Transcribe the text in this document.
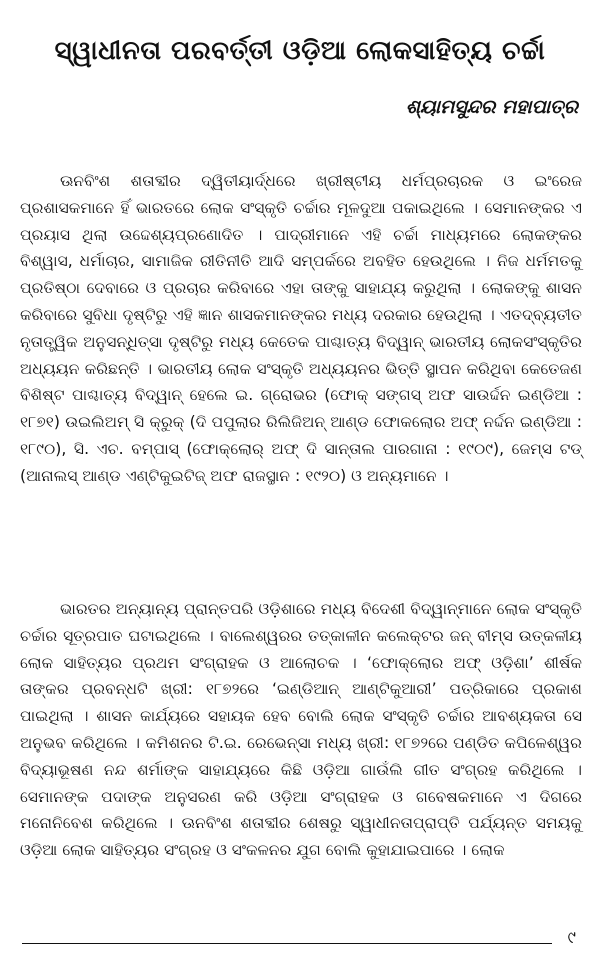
ସ୍ୱାଧୀନତା ପରବର୍ତ୍ତୀ ଓଡ଼ିଆ ଲୋକସାହିତ୍ୟ ଚର୍ଚ୍ଚା
ଶ୍ୟାମସୁନ୍ଦର ମହାପାତ୍ର

ଊନବିଂଶ ଶତାବ୍ଦୀର ଦ୍ୱିତୀୟାର୍ଦ୍ଧରେ ଖ୍ରୀଷ୍ଟୀୟ ଧର୍ମପ୍ରଚାରକ ଓ ଇଂରେଜ ପ୍ରଶାସକମାନେ ହିଁ ଭାରତରେ ଲୋକ ସଂସ୍କୃତି ଚର୍ଚ୍ଚାର ମୂଳଦୁଆ ପକାଇଥିଲେ । ସେମାନଙ୍କର ଏ ପ୍ରୟାସ ଥିଲା ଉଦ୍ଦେଶ୍ୟପ୍ରଣୋଦିତ । ପାଦ୍ରୀମାନେ ଏହି ଚର୍ଚ୍ଚା ମାଧ୍ୟମରେ ଲୋକଙ୍କର ବିଶ୍ୱାସ, ଧର୍ମାଚାର, ସାମାଜିକ ରୀତିନୀତି ଆଦି ସମ୍ପର୍କରେ ଅବହିତ ହେଉଥିଲେ । ନିଜ ଧର୍ମମତକୁ ପ୍ରତିଷ୍ଠା ଦେବାରେ ଓ ପ୍ରଚାର କରିବାରେ ଏହା ତାଙ୍କୁ ସାହାଯ୍ୟ କରୁଥିଲା । ଲୋକଙ୍କୁ ଶାସନ କରିବାରେ ସୁବିଧା ଦୃଷ୍ଟିରୁ ଏହି ଜ୍ଞାନ ଶାସକମାନଙ୍କର ମଧ୍ୟ ଦରକାର ହେଉଥିଲା । ଏତଦ୍ବ୍ୟତୀତ ନୃତାତ୍ତ୍ୱିକ ଅନୁସନ୍ଧିତ୍ସା ଦୃଷ୍ଟିରୁ ମଧ୍ୟ କେତେକ ପାଶ୍ଚାତ୍ୟ ବିଦ୍ୱାନ୍ ଭାରତୀୟ ଲୋକସଂସ୍କୃତିର ଅଧ୍ୟୟନ କରିଛନ୍ତି । ଭାରତୀୟ ଲୋକ ସଂସ୍କୃତି ଅଧ୍ୟୟନର ଭିତ୍ତି ସ୍ଥାପନ କରିଥିବା କେତେଜଣ ବିଶିଷ୍ଟ ପାଶ୍ଚାତ୍ୟ ବିଦ୍ୱାନ୍ ହେଲେ ଇ. ଗ୍ରୋଭର (ଫୋକ୍ ସଙ୍ଗସ୍ ଅଫ ସାଉର୍ଦ୍ଦନ ଇଣ୍ଡିଆ : ୧୮୭୧) ଉଇଲିଅମ୍ ସି କ୍ରୁକ୍ (ଦି ପପୁଲାର ରିଲିଜିଅନ୍ ଆଣ୍ଡ ଫୋକଲୋର ଅଫ୍ ନର୍ଦ୍ଦନ ଇଣ୍ଡିଆ : ୧୮୯୦), ସି. ଏଚ. ବମ୍ପାସ୍ (ଫୋକ୍‌ଲୋର୍ ଅଫ୍ ଦି ସାନ୍ତାଲ ପାରଗାନା : ୧୯୦୯), ଜେମ୍ସ ଟଡ୍ (ଆନାଲସ୍ ଆଣ୍ଡ ଏଣ୍ଟିକୁଇଟିଜ୍ ଅଫ ରାଜସ୍ଥାନ : ୧୯୨୦) ଓ ଅନ୍ୟମାନେ ।

ଭାରତର ଅନ୍ୟାନ୍ୟ ପ୍ରାନ୍ତପରି ଓଡ଼ିଶାରେ ମଧ୍ୟ ବିଦେଶୀ ବିଦ୍ୱାନ୍‌ମାନେ ଲୋକ ସଂସ୍କୃତି ଚର୍ଚ୍ଚାର ସୂତ୍ରପାତ ଘଟାଇଥିଲେ । ବାଲେଶ୍ୱରର ତତ୍କାଳୀନ କଲେକ୍ଟର ଜନ୍ ବୀମ୍‌ସ ଉତ୍କଳୀୟ ଲୋକ ସାହିତ୍ୟର ପ୍ରଥମ ସଂଗ୍ରାହକ ଓ ଆଲୋଚକ । ‘ଫୋକ୍‌ଲୋର ଅଫ୍ ଓଡ଼ିଶା’ ଶୀର୍ଷକ ତାଙ୍କର ପ୍ରବନ୍ଧଟି ଖ୍ରୀ: ୧୮୭୨ରେ ‘ଇଣ୍ଡିଆନ୍ ଆଣ୍ଟିକୁଆରୀ’ ପତ୍ରିକାରେ ପ୍ରକାଶ ପାଇଥିଲା । ଶାସନ କାର୍ଯ୍ୟରେ ସହାୟକ ହେବ ବୋଲି ଲୋକ ସଂସ୍କୃତି ଚର୍ଚ୍ଚାର ଆବଶ୍ୟକତା ସେ ଅନୁଭବ କରିଥିଲେ । କମିଶନର ଟି.ଇ. ରେଭେନ୍ସା ମଧ୍ୟ ଖ୍ରୀ: ୧୮୭୨ରେ ପଣ୍ଡିତ କପିଳେଶ୍ୱର ବିଦ୍ୟାଭୂଷଣ ନନ୍ଦ ଶର୍ମାଙ୍କ ସାହାଯ୍ୟରେ କିଛି ଓଡ଼ିଆ ଗାଉଁଲି ଗୀତ ସଂଗ୍ରହ କରିଥିଲେ । ସେମାନଙ୍କ ପଦାଙ୍କ ଅନୁସରଣ କରି ଓଡ଼ିଆ ସଂଗ୍ରାହକ ଓ ଗବେଷକମାନେ ଏ ଦିଗରେ ମନୋନିବେଶ କରିଥିଲେ । ଊନବିଂଶ ଶତାବ୍ଦୀର ଶେଷରୁ ସ୍ୱାଧୀନତାପ୍ରାପ୍ତି ପର୍ଯ୍ୟନ୍ତ ସମୟକୁ ଓଡ଼ିଆ ଲୋକ ସାହିତ୍ୟର ସଂଗ୍ରହ ଓ ସଂକଳନର ଯୁଗ ବୋଲି କୁହାଯାଇପାରେ । ଲୋକ

୯
